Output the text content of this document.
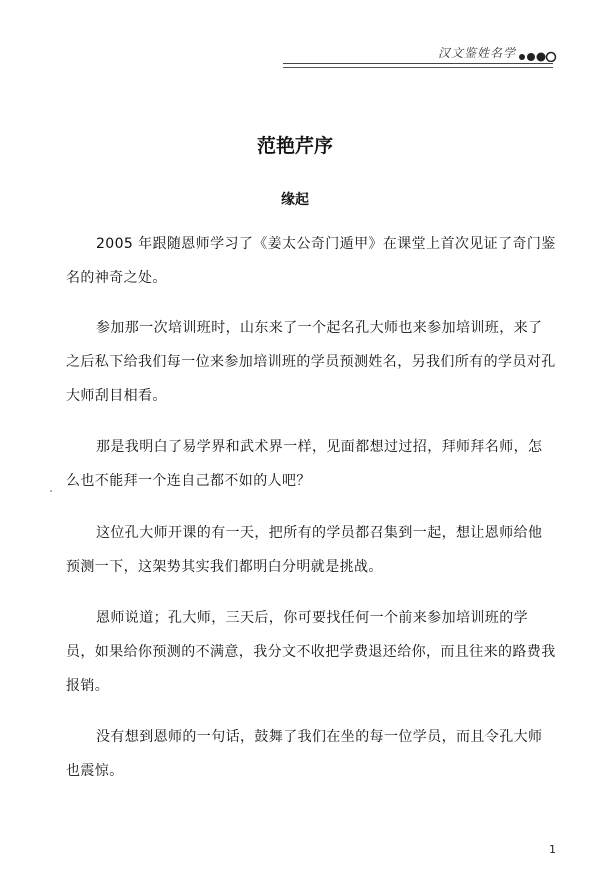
汉文鉴姓名学
范艳芹序
缘起

2005 年跟随恩师学习了《姜太公奇门遁甲》在课堂上首次见证了奇门鉴名的神奇之处。

参加那一次培训班时，山东来了一个起名孔大师也来参加培训班，来了之后私下给我们每一位来参加培训班的学员预测姓名，另我们所有的学员对孔大师刮目相看。

那是我明白了易学界和武术界一样，见面都想过过招，拜师拜名师，怎么也不能拜一个连自己都不如的人吧？

这位孔大师开课的有一天，把所有的学员都召集到一起，想让恩师给他预测一下，这架势其实我们都明白分明就是挑战。

恩师说道；孔大师，三天后，你可要找任何一个前来参加培训班的学员，如果给你预测的不满意，我分文不收把学费退还给你，而且往来的路费我报销。

没有想到恩师的一句话，鼓舞了我们在坐的每一位学员，而且令孔大师也震惊。

1
